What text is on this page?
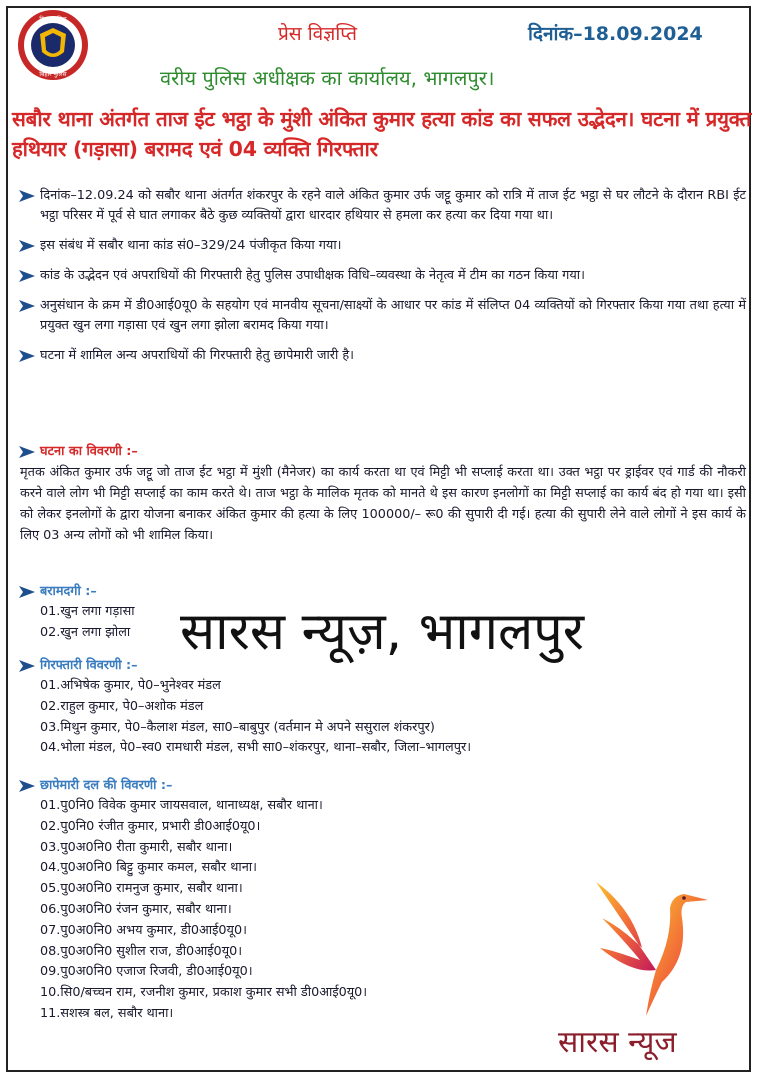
बिहार पुलिस
बिहार पुलिस
प्रेस विज्ञप्ति	दिनांक–18.09.2024
वरीय पुलिस अधीक्षक का कार्यालय, भागलपुर।
सबौर थाना अंतर्गत ताज ईट भट्ठा के मुंशी अंकित कुमार हत्या कांड का सफल उद्भेदन। घटना में प्रयुक्त हथियार (गड़ासा) बरामद एवं 04 व्यक्ति गिरफ्तार
दिनांक–12.09.24 को सबौर थाना अंतर्गत शंकरपुर के रहने वाले अंकित कुमार उर्फ जट्टू कुमार को रात्रि में ताज ईट भट्ठा से घर लौटने के दौरान RBI ईट भट्ठा परिसर में पूर्व से घात लगाकर बैठे कुछ व्यक्तियों द्वारा धारदार हथियार से हमला कर हत्या कर दिया गया था।
इस संबंध में सबौर थाना कांड सं0–329/24 पंजीकृत किया गया।
कांड के उद्भेदन एवं अपराधियों की गिरफ्तारी हेतु पुलिस उपाधीक्षक विधि–व्यवस्था के नेतृत्व में टीम का गठन किया गया।
अनुसंधान के क्रम में डी0आई0यू0 के सहयोग एवं मानवीय सूचना/साक्ष्यों के आधार पर कांड में संलिप्त 04 व्यक्तियों को गिरफ्तार किया गया तथा हत्या में प्रयुक्त खुन लगा गड़ासा एवं खुन लगा झोला बरामद किया गया।
घटना में शामिल अन्य अपराधियों की गिरफ्तारी हेतु छापेमारी जारी है।
घटना का विवरणी :–
मृतक अंकित कुमार उर्फ जट्टू जो ताज ईट भट्ठा में मुंशी (मैनेजर) का कार्य करता था एवं मिट्टी भी सप्लाई करता था। उक्त भट्ठा पर ड्राईवर एवं गार्ड की नौकरी करने वाले लोग भी मिट्टी सप्लाई का काम करते थे। ताज भट्ठा के मालिक मृतक को मानते थे इस कारण इनलोगों का मिट्टी सप्लाई का कार्य बंद हो गया था। इसी को लेकर इनलोगों के द्वारा योजना बनाकर अंकित कुमार की हत्या के लिए 100000/– रू0 की सुपारी दी गई। हत्या की सुपारी लेने वाले लोगों ने इस कार्य के लिए 03 अन्य लोगों को भी शामिल किया।
बरामदगी :–
01.खुन लगा गड़ासा
02.खुन लगा झोला
गिरफ्तारी विवरणी :–
01.अभिषेक कुमार, पे0–भुनेश्वर मंडल
02.राहुल कुमार, पे0–अशोक मंडल
03.मिथुन कुमार, पे0–कैलाश मंडल, सा0–बाबुपुर (वर्तमान मे अपने ससुराल शंकरपुर)
04.भोला मंडल, पे0–स्व0 रामधारी मंडल, सभी सा0–शंकरपुर, थाना–सबौर, जिला–भागलपुर।
छापेमारी दल की विवरणी :–
01.पु0नि0 विवेक कुमार जायसवाल, थानाध्यक्ष, सबौर थाना।
02.पु0नि0 रंजीत कुमार, प्रभारी डी0आई0यू0।
03.पु0अ0नि0 रीता कुमारी, सबौर थाना।
04.पु0अ0नि0 बिट्टु कुमार कमल, सबौर थाना।
05.पु0अ0नि0 रामनुज कुमार, सबौर थाना।
06.पु0अ0नि0 रंजन कुमार, सबौर थाना।
07.पु0अ0नि0 अभय कुमार, डी0आई0यू0।
08.पु0अ0नि0 सुशील राज, डी0आई0यू0।
09.पु0अ0नि0 एजाज रिजवी, डी0आई0यू0।
10.सि0/बच्चन राम, रजनीश कुमार, प्रकाश कुमार सभी डी0आई0यू0।
11.सशस्त्र बल, सबौर थाना।
सारस न्यूज़, भागलपुर
सारस न्यूज
